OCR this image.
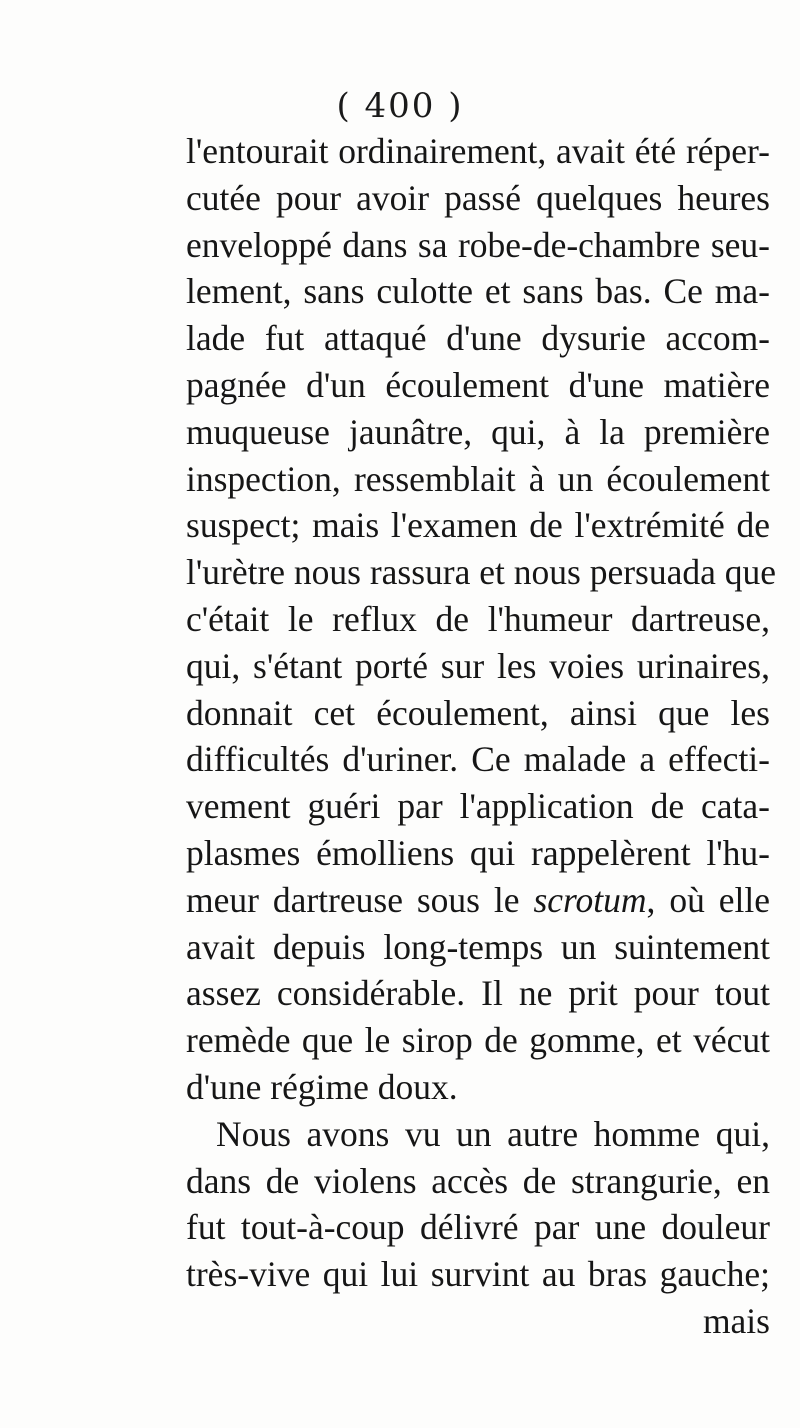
( 400 )
l'entourait ordinairement, avait été réper-
cutée pour avoir passé quelques heures
enveloppé dans sa robe-de-chambre seu-
lement, sans culotte et sans bas. Ce ma-
lade fut attaqué d'une dysurie accom-
pagnée d'un écoulement d'une matière
muqueuse jaunâtre, qui, à la première
inspection, ressemblait à un écoulement
suspect; mais l'examen de l'extrémité de
l'urètre nous rassura et nous persuada que
c'était le reflux de l'humeur dartreuse,
qui, s'étant porté sur les voies urinaires,
donnait cet écoulement, ainsi que les
difficultés d'uriner. Ce malade a effecti-
vement guéri par l'application de cata-
plasmes émolliens qui rappelèrent l'hu-
meur dartreuse sous le scrotum, où elle
avait depuis long-temps un suintement
assez considérable. Il ne prit pour tout
remède que le sirop de gomme, et vécut
d'une régime doux.
Nous avons vu un autre homme qui,
dans de violens accès de strangurie, en
fut tout-à-coup délivré par une douleur
très-vive qui lui survint au bras gauche;
mais
